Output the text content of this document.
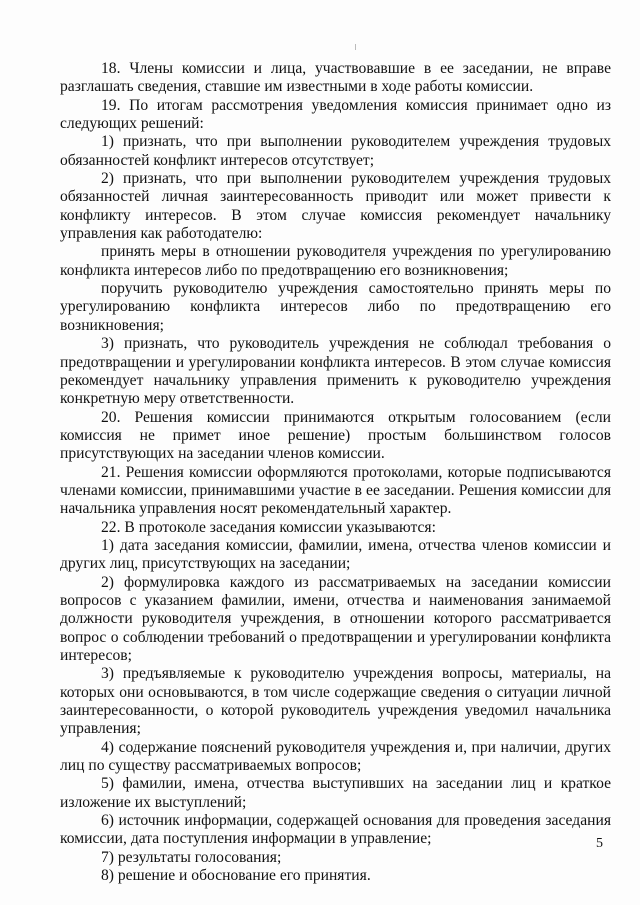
18. Члены комиссии и лица, участвовавшие в ее заседании, не вправе разглашать сведения, ставшие им известными в ходе работы комиссии.

19. По итогам рассмотрения уведомления комиссия принимает одно из следующих решений:

1) признать, что при выполнении руководителем учреждения трудовых обязанностей конфликт интересов отсутствует;

2) признать, что при выполнении руководителем учреждения трудовых обязанностей личная заинтересованность приводит или может привести к конфликту интересов. В этом случае комиссия рекомендует начальнику управления как работодателю:

принять меры в отношении руководителя учреждения по урегулированию конфликта интересов либо по предотвращению его возникновения;

поручить руководителю учреждения самостоятельно принять меры по урегулированию конфликта интересов либо по предотвращению его возникновения;

3) признать, что руководитель учреждения не соблюдал требования о предотвращении и урегулировании конфликта интересов. В этом случае комиссия рекомендует начальнику управления применить к руководителю учреждения конкретную меру ответственности.

20. Решения комиссии принимаются открытым голосованием (если комиссия не примет иное решение) простым большинством голосов присутствующих на заседании членов комиссии.

21. Решения комиссии оформляются протоколами, которые подписываются членами комиссии, принимавшими участие в ее заседании. Решения комиссии для начальника управления носят рекомендательный характер.

22. В протоколе заседания комиссии указываются:

1) дата заседания комиссии, фамилии, имена, отчества членов комиссии и других лиц, присутствующих на заседании;

2) формулировка каждого из рассматриваемых на заседании комиссии вопросов с указанием фамилии, имени, отчества и наименования занимаемой должности руководителя учреждения, в отношении которого рассматривается вопрос о соблюдении требований о предотвращении и урегулировании конфликта интересов;

3) предъявляемые к руководителю учреждения вопросы, материалы, на которых они основываются, в том числе содержащие сведения о ситуации личной заинтересованности, о которой руководитель учреждения уведомил начальника управления;

4) содержание пояснений руководителя учреждения и, при наличии, других лиц по существу рассматриваемых вопросов;

5) фамилии, имена, отчества выступивших на заседании лиц и краткое изложение их выступлений;

6) источник информации, содержащей основания для проведения заседания комиссии, дата поступления информации в управление;

7) результаты голосования;

8) решение и обоснование его принятия.

5
